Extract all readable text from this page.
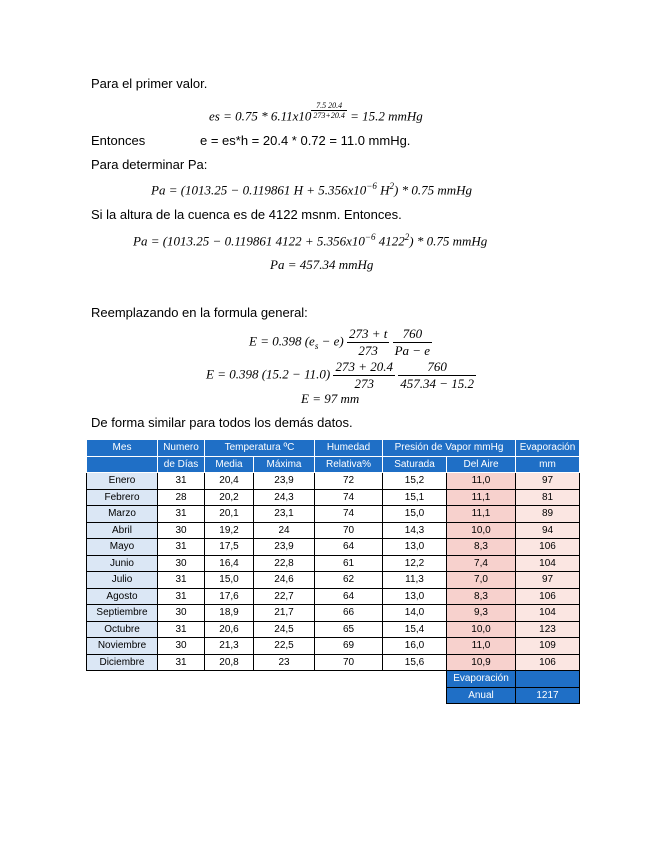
Para el primer valor.
es = 0.75 * 6.11x10 $^{\frac{7.5 20.4}{273+20.4}}$ = 15.2 mmHg
Entonces	e = es*h = 20.4 * 0.72 = 11.0 mmHg.
Para determinar Pa:
Pa = (1013.25 − 0.119861 $H + 5.356x10^{-6}$ $H^2) * 0.75$ mmHg
Si la altura de la cuenca es de 4122 msnm. Entonces.
Pa = (1013.25 − 0.119861 $4122 + 5.356x10^{-6}$ 4122$^2$) * 0.75 mmHg
Pa = 457.34 mmHg
Reemplazando en la formula general:
E = 0.398 $(e_s - e) \frac{273 + t}{273}$
$\frac{760}{Pa - e}$
E = 0.398 $(15.2 - 11.0) \frac{273 + 20.4}{273}$
$\frac{760}{457.34 - 15.2}$
E = 97 mm
De forma similar para todos los demás datos.
Mes	Numero	Temperatura ºC		Humedad	Presión de Vapor mmHg		Evaporación
	de Días	Media	Máxima	Relativa%	Saturada	Del Aire	mm
Enero	31	20,4	23,9	72	15,2	11,0	97
Febrero	28	20,2	24,3	74	15,1	11,1	81
Marzo	31	20,1	23,1	74	15,0	11,1	89
Abril	30	19,2	24	70	14,3	10,0	94
Mayo	31	17,5	23,9	64	13,0	8,3	106
Junio	30	16,4	22,8	61	12,2	7,4	104
Julio	31	15,0	24,6	62	11,3	7,0	97
Agosto	31	17,6	22,7	64	13,0	8,3	106
Septiembre	30	18,9	21,7	66	14,0	9,3	104
Octubre	31	20,6	24,5	65	15,4	10,0	123
Noviembre	30	21,3	22,5	69	16,0	11,0	109
Diciembre	31	20,8	23	70	15,6	10,9	106
						Evaporación	
						Anual	1217
